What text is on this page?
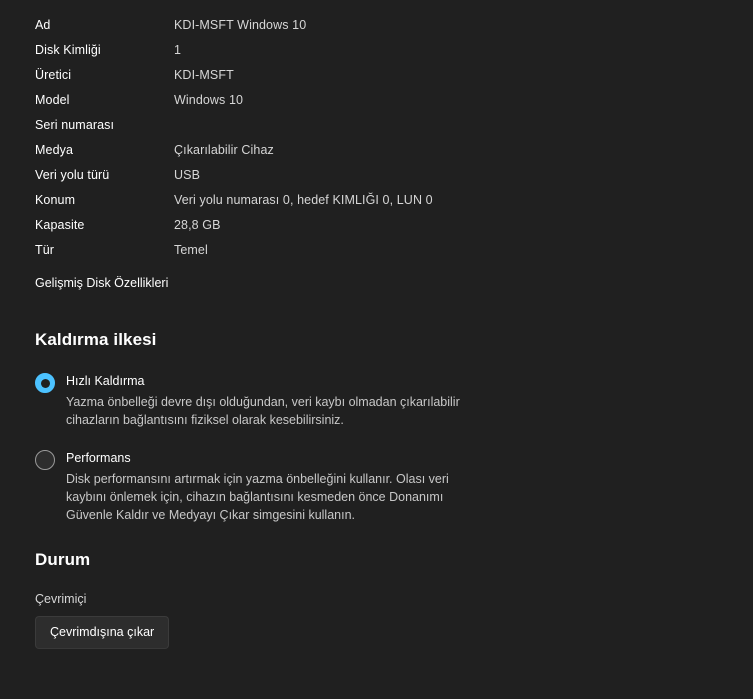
Ad	KDI-MSFT Windows 10
Disk Kimliği	1
Üretici	KDI-MSFT
Model	Windows 10
Seri numarası
Medya	Çıkarılabilir Cihaz
Veri yolu türü	USB
Konum	Veri yolu numarası 0, hedef KIMLIĞI 0, LUN 0
Kapasite	28,8 GB
Tür	Temel
Gelişmiş Disk Özellikleri
Kaldırma ilkesi
Hızlı Kaldırma
Yazma önbelleği devre dışı olduğundan, veri kaybı olmadan çıkarılabilir cihazların bağlantısını fiziksel olarak kesebilirsiniz.
Performans
Disk performansını artırmak için yazma önbelleğini kullanır. Olası veri kaybını önlemek için, cihazın bağlantısını kesmeden önce Donanımı Güvenle Kaldır ve Medyayı Çıkar simgesini kullanın.
Durum
Çevrimiçi
Çevrimdışına çıkar
